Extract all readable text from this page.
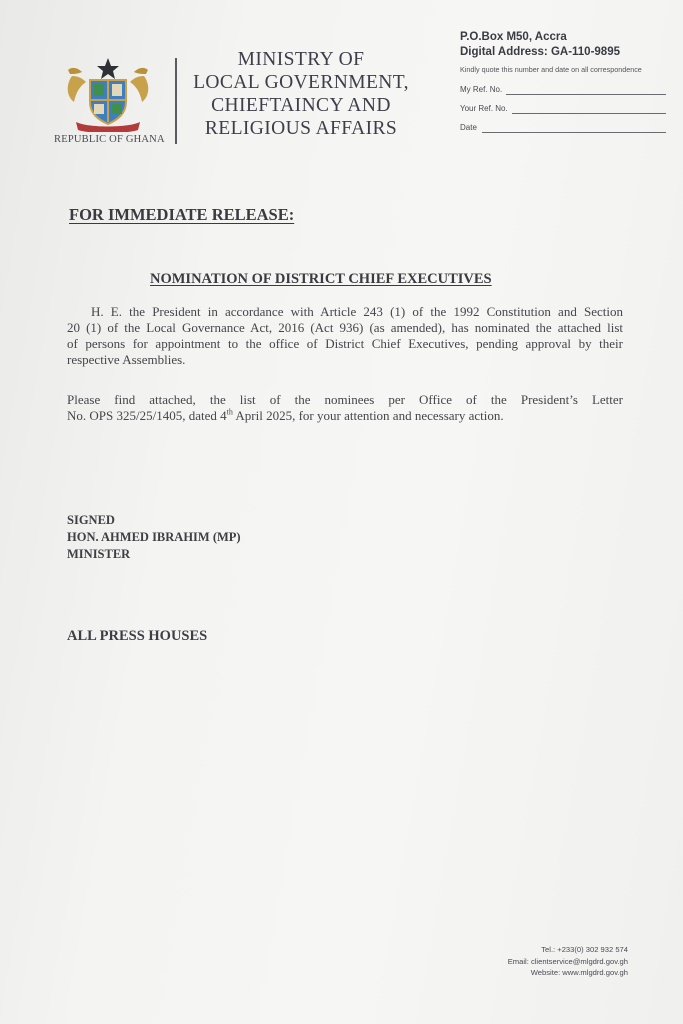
REPUBLIC OF GHANA
MINISTRY OF
LOCAL GOVERNMENT,
CHIEFTAINCY AND
RELIGIOUS AFFAIRS
P.O.Box M50, Accra
Digital Address: GA-110-9895
Kindly quote this number and date on all correspondence
My Ref. No.
Your Ref. No.
Date
FOR IMMEDIATE RELEASE:
NOMINATION OF DISTRICT CHIEF EXECUTIVES
H. E. the President in accordance with Article 243 (1) of the 1992 Constitution and Section
20 (1) of the Local Governance Act, 2016 (Act 936) (as amended), has nominated the attached list
of persons for appointment to the office of District Chief Executives, pending approval by their
respective Assemblies.
Please find attached, the list of the nominees per Office of the President’s Letter
No. OPS 325/25/1405, dated 4th April 2025, for your attention and necessary action.
SIGNED
HON. AHMED IBRAHIM (MP)
MINISTER
ALL PRESS HOUSES
Tel.: +233(0) 302 932 574
Email: clientservice@mlgdrd.gov.gh
Website: www.mlgdrd.gov.gh
